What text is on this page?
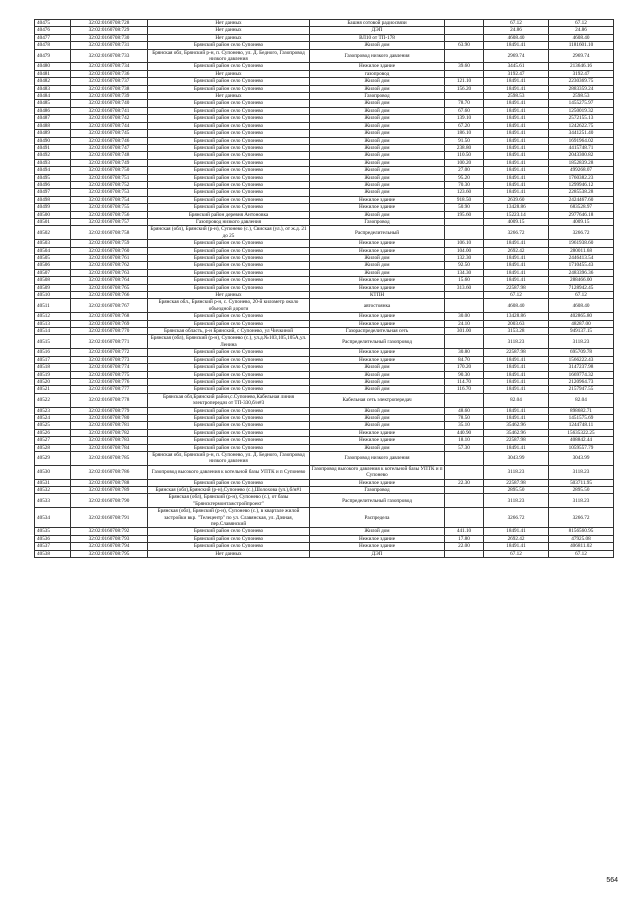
40475	32:02:0160708:728	Нет данных	Башня сотовой радиосвязи		67.12	67.12
40476	32:02:0160708:729	Нет данных	ДЭП		24.86	24.86
40477	32:02:0160708:730	Нет данных	ВЛ10 от ТП-178		4608.40	4608.40
40478	32:02:0160708:731	Брянский район село Супонево	Жилой дом	63.90	18491.41	1181601.10
40479	32:02:0160708:733	Брянская обл, Брянский р-н, п. Супонево, ул. Д. Бедного, Газопровод низкого давления	Газопровод низкого давления		2969.74	2969.74
40480	32:02:0160708:734	Брянский район село Супонево	Нежилое здание	39.60	3445.61	213646.16
40481	32:02:0160708:736	Нет данных	газопровод		3192.47	3192.47
40482	32:02:0160708:737	Брянский район село Супонево	Жилой дом	121.10	18491.41	2230369.75
40483	32:02:0160708:738	Брянский район село Супонево	Жилой дом	156.20	18491.41	2883359.24
40484	32:02:0160708:739	Нет данных	Газопровод		2598.53	2598.53
40485	32:02:0160708:740	Брянский район село Супонево	Жилой дом	78.70	18491.41	1455275.97
40486	32:02:0160708:741	Брянский район село Супонево	Жилой дом	67.60	18491.41	1250019.32
40487	32:02:0160708:742	Брянский район село Супонево	Жилой дом	139.10	18491.41	2572155.13
40488	32:02:0160708:744	Брянский район село Супонево	Жилой дом	67.20	18491.41	1242622.75
40489	32:02:0160708:745	Брянский район село Супонево	Жилой дом	186.10	18491.41	3441251.40
40490	32:02:0160708:746	Брянский район село Супонево	Жилой дом	91.50	18491.41	1691964.02
40491	32:02:0160708:747	Брянский район село Супонево	Жилой дом	238.80	18491.41	4415748.71
40492	32:02:0160708:748	Брянский район село Супонево	Жилой дом	110.50	18491.41	2043300.82
40493	32:02:0160708:749	Брянский район село Супонево	Жилой дом	100.20	18491.41	1852839.28
40494	32:02:0160708:750	Брянский район село Супонево	Жилой дом	27.00	18491.41	499268.07
40495	32:02:0160708:751	Брянский район село Супонево	Жилой дом	95.20	18491.41	1760382.23
40496	32:02:0160708:752	Брянский район село Супонево	Жилой дом	70.30	18491.41	1299946.12
40497	32:02:0160708:753	Брянский район село Супонево	Жилой дом	123.60	18491.41	2285538.28
40498	32:02:0160708:754	Брянский район село Супонево	Нежилое здание	918.50	2639.60	2424467.60
40499	32:02:0160708:755	Брянский район село Супонево	Нежилое здание	50.90	13428.86	683528.97
40500	32:02:0160708:756	Брянский район деревня Антоновка	Жилой дом	195.60	15223.14	2977646.18
40501	32:02:0160708:757	Газопровод низкого давления	Газопровод		4009.15	4009.15
40502	32:02:0160708:758	Брянская (обл), Брянский (р-н), Супонево (с.), Свиская (ул.), от ж.д. 21 до 25	Распределительный		3266.72	3266.72
40503	32:02:0160708:759	Брянский район село Супонево	Нежилое здание	106.10	18491.41	1961938.60
40504	32:02:0160708:760	Брянский район село Супонево	Нежилое здание	104.00	2692.42	280011.68
40505	32:02:0160708:761	Брянский район село Супонево	Жилой дом	132.30	18491.41	2446413.54
40506	32:02:0160708:762	Брянский район село Супонево	Жилой дом	92.50	18491.41	1710455.43
40507	32:02:0160708:763	Брянский район село Супонево	Жилой дом	134.30	18491.41	2483396.36
40508	32:02:0160708:764	Брянский район село Супонево	Нежилое здание	15.60	18491.41	288466.00
40509	32:02:0160708:765	Брянский район село Супонево	Нежилое здание	313.60	22587.98	7128942.45
40510	32:02:0160708:766	Нет данных	КТПН		67.12	67.12
40511	32:02:0160708:767	Брянская обл., Брянский р-н, с. Супонево, 20-й километр около объездной дороги	автостоянка		4608.40	4608.40
40512	32:02:0160708:768	Брянский район село Супонево	Нежилое здание	30.00	13428.86	402865.80
40513	32:02:0160708:769	Брянский район село Супонево	Нежилое здание	24.10	2003.63	48287.00
40514	32:02:0160708:770	Брянская область, р-н Брянский, с Супонево, ул Чичкиной	Газораспределительная сеть	301.00	3153.28	949137.15
40515	32:02:0160708:771	Брянская (обл), Брянский (р-н), Супонево (с.), ул.д.№103,105,105А,ул. Ленина	Распределительный газопровод		3118.23	3118.23
40516	32:02:0160708:772	Брянский район село Супонево	Нежилое здание	30.80	22587.98	695709.78
40517	32:02:0160708:773	Брянский район село Супонево	Нежилое здание	84.70	18491.41	1566222.43
40518	32:02:0160708:774	Брянский район село Супонево	Жилой дом	170.20	18491.41	3147237.98
40519	32:02:0160708:775	Брянский район село Супонево	Жилой дом	90.30	18491.41	1669774.32
40520	32:02:0160708:776	Брянский район село Супонево	Жилой дом	114.70	18491.41	2120964.73
40521	32:02:0160708:777	Брянский район село Супонево	Жилой дом	116.70	18491.41	2157947.55
40522	32:02:0160708:778	Брянская обл,Брянский район,с.Супонево,Кабельная линия электропередач от ТП-330,б/н#3	Кабельная сеть электропередач		82.04	82.04
40523	32:02:0160708:779	Брянский район село Супонево	Жилой дом	48.60	18491.41	898682.71
40524	32:02:0160708:780	Брянский район село Супонево	Жилой дом	78.50	18491.41	1451575.69
40525	32:02:0160708:781	Брянский район село Супонево	Жилой дом	35.10	35462.96	1244748.11
40526	32:02:0160708:782	Брянский район село Супонево	Нежилое здание	440.90	35462.96	15635322.25
40527	32:02:0160708:783	Брянский район село Супонево	Нежилое здание	18.10	22587.98	408842.44
40528	32:02:0160708:784	Брянский район село Супонево	Жилой дом	57.30	18491.41	1059557.79
40529	32:02:0160708:785	Брянская обл, Брянский р-н, п. Супонево, ул. Д. Бедного, Газопровод низкого давления	Газопровод низкого давления		3043.99	3043.99
40530	32:02:0160708:786	Газопровод высокого давления к котельной базы УПТК и п Супонево	Газопровод высокого давления к котельной базы УПТК и п Супонево		3118.23	3118.23
40531	32:02:0160708:788	Брянский район село Супонево	Нежилое здание	22.30	22587.98	503711.95
40532	32:02:0160708:789	Брянская (обл),Брянский (р-н),Супонево (с.),Шолохова (ул.),б/н#1	Газопровод		2895.50	2895.50
40533	32:02:0160708:790	Брянская (обл), Брянский (р-н), Супонево (с.), от базы "Брянскгермонтажстройпроект"	Распределительный газопровод		3118.23	3118.23
40534	32:02:0160708:791	Брянская (обл), Брянский (р-н), Супонево (с.), в квартале жилой застройки вкр. "Телецентр" по ул. Славянская, ул. Дачная, пер.Славянский	Распредела		3266.72	3266.72
40535	32:02:0160708:792	Брянский район село Супонево	Жилой дом	441.10	18491.41	8156560.95
40536	32:02:0160708:793	Брянский район село Супонево	Нежилое здание	17.80	2692.42	47925.08
40537	32:02:0160708:794	Брянский район село Супонево	Нежилое здание	22.00	18491.41	406811.02
40538	32:02:0160708:795	Нет данных	ДЭП		67.12	67.12
564
